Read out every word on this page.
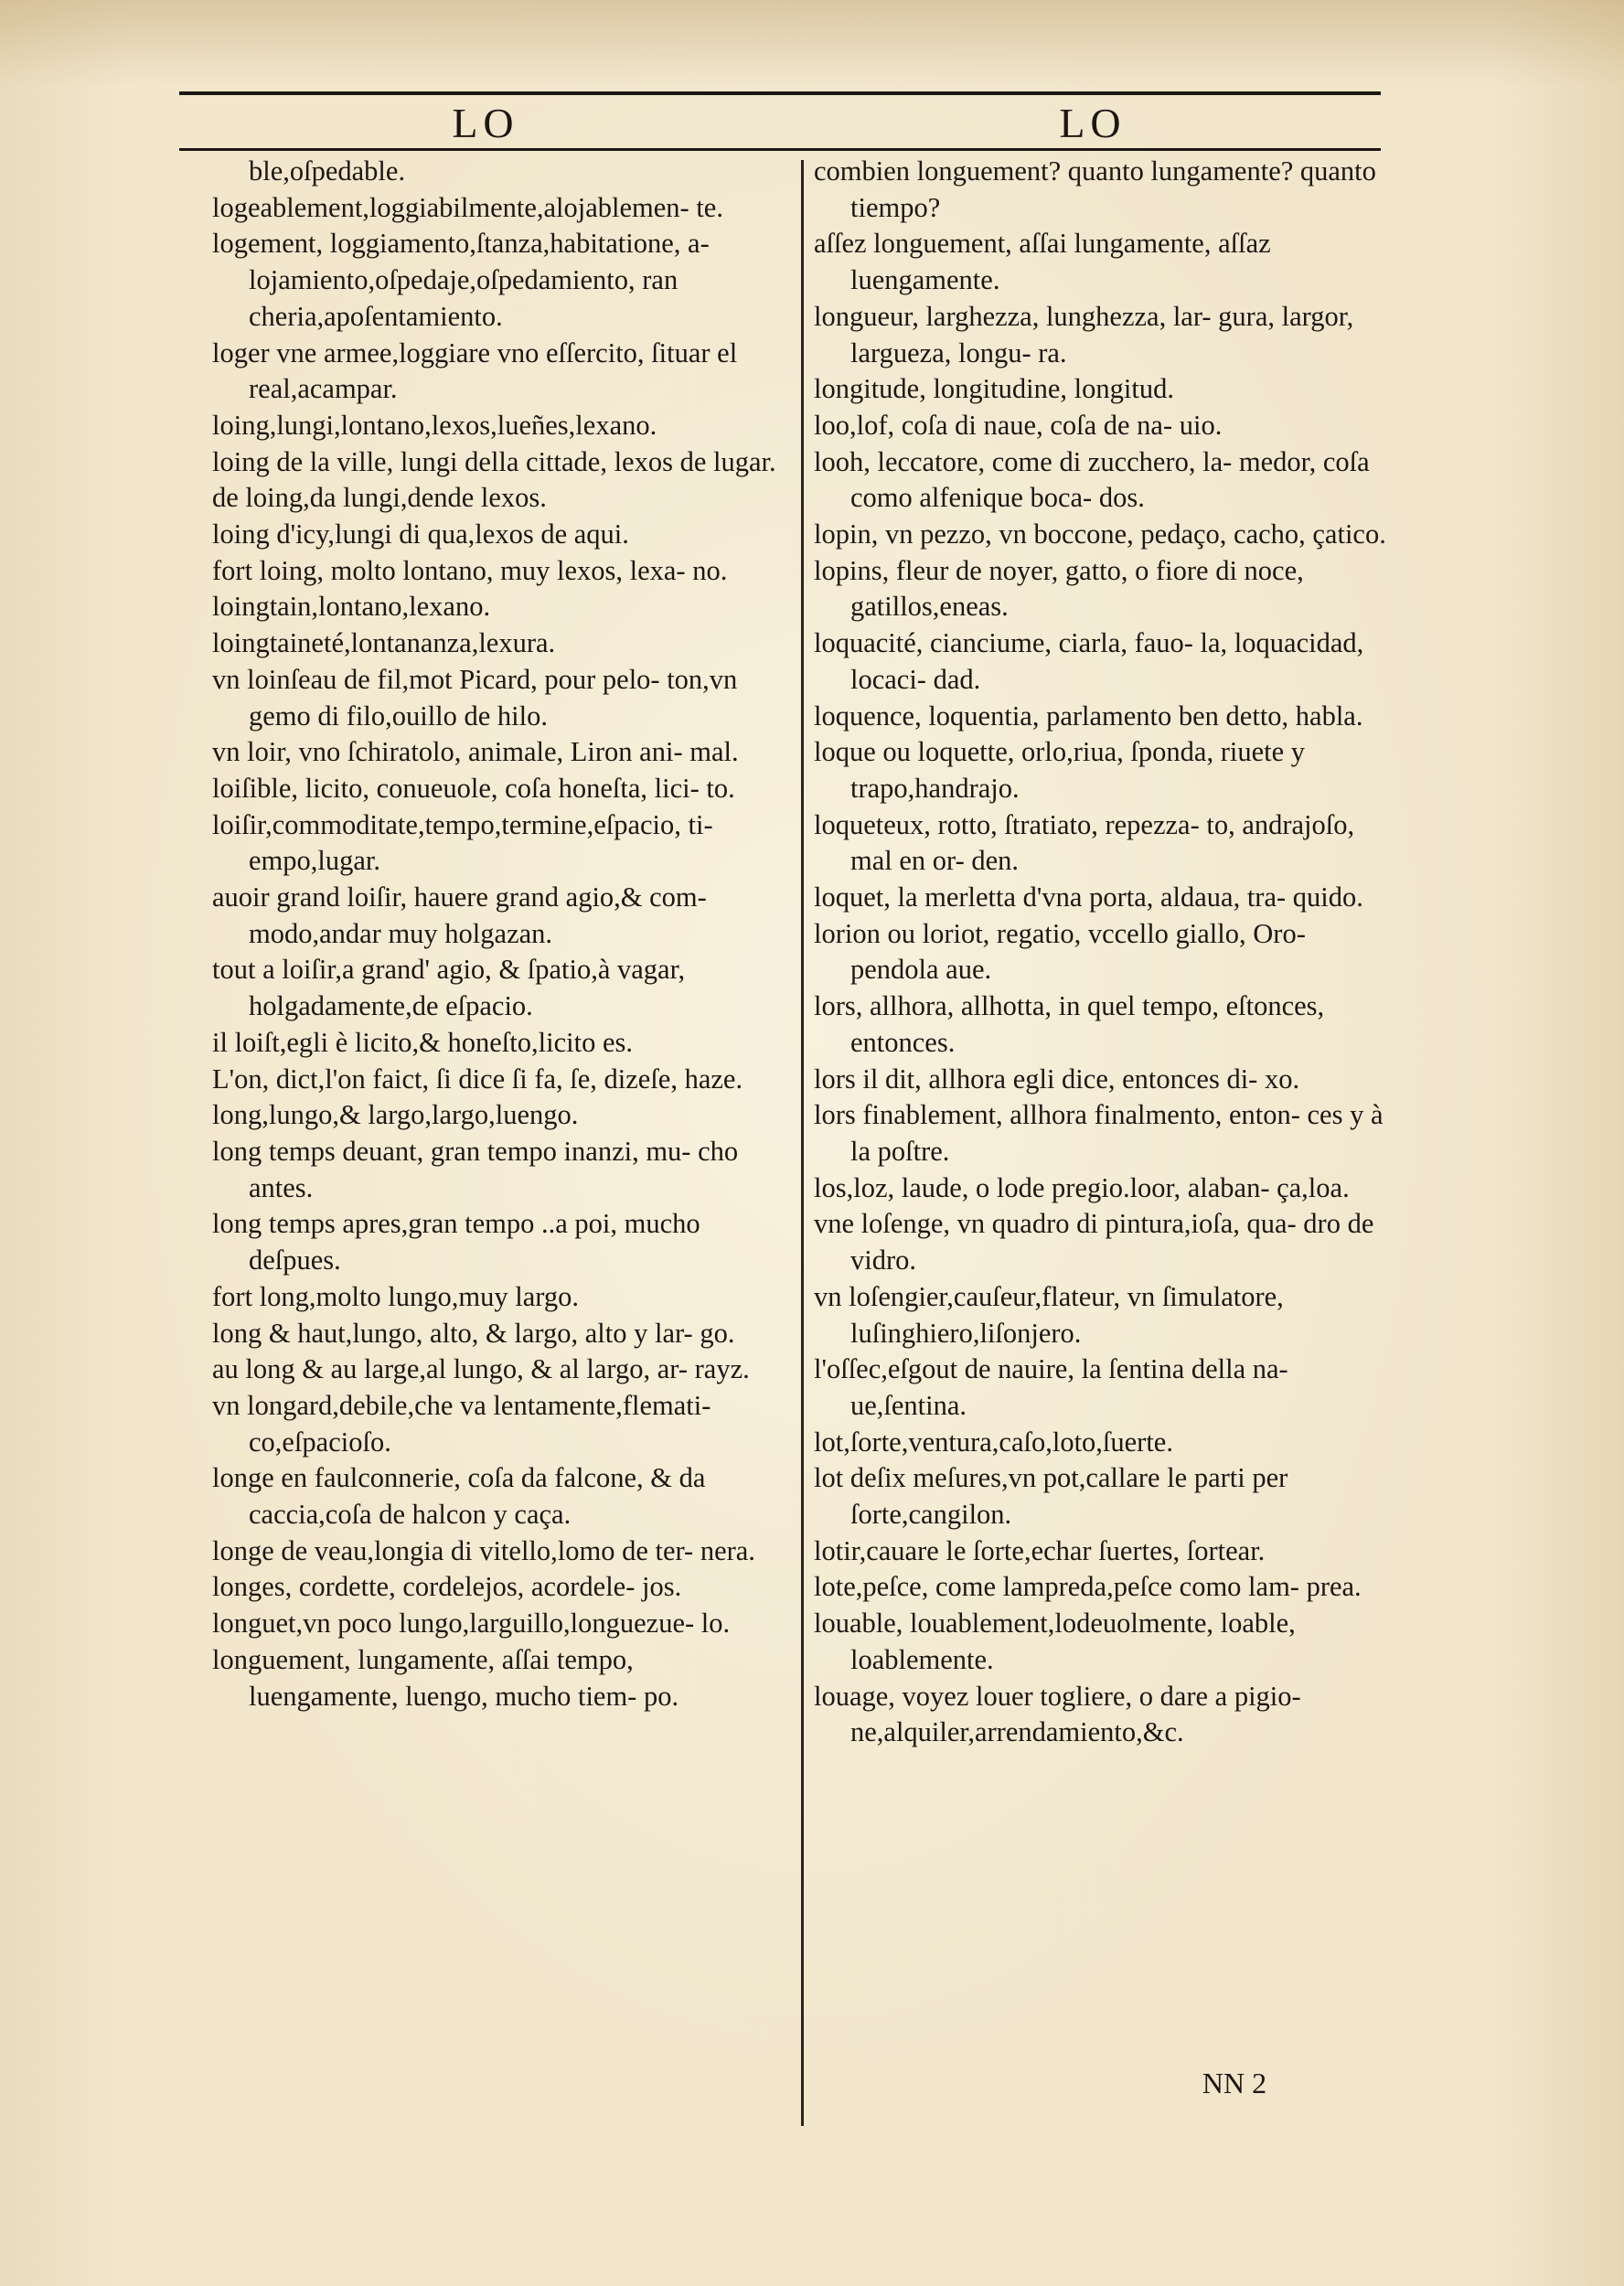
LO	LO
ble,oſpedable.
logeablement,loggiabilmente,alojablemen- te.
logement, loggiamento,ſtanza,habitatione, a- lojamiento,oſpedaje,oſpedamiento, ran cheria,apoſentamiento.
loger vne armee,loggiare vno eſſercito, ſituar el real,acampar.
loing,lungi,lontano,lexos,lueñes,lexano.
loing de la ville, lungi della cittade, lexos de lugar.
de loing,da lungi,dende lexos.
loing d'icy,lungi di qua,lexos de aqui.
fort loing, molto lontano, muy lexos, lexa- no.
loingtain,lontano,lexano.
loingtaineté,lontananza,lexura.
vn loinſeau de fil,mot Picard, pour pelo- ton,vn gemo di filo,ouillo de hilo.
vn loir, vno ſchiratolo, animale, Liron ani- mal.
loiſible, licito, conueuole, coſa honeſta, lici- to.
loiſir,commoditate,tempo,termine,eſpacio, ti- empo,lugar.
auoir grand loiſir, hauere grand agio,& com- modo,andar muy holgazan.
tout a loiſir,a grand' agio, & ſpatio,à vagar, holgadamente,de eſpacio.
il loiſt,egli è licito,& honeſto,licito es.
L'on, dict,l'on faict, ſi dice ſi fa, ſe, dizeſe, haze.
long,lungo,& largo,largo,luengo.
long temps deuant, gran tempo inanzi, mu- cho antes.
long temps apres,gran tempo ..a poi, mucho deſpues.
fort long,molto lungo,muy largo.
long & haut,lungo, alto, & largo, alto y lar- go.
au long & au large,al lungo, & al largo, ar- rayz.
vn longard,debile,che va lentamente,flemati- co,eſpacioſo.
longe en faulconnerie, coſa da falcone, & da caccia,coſa de halcon y caça.
longe de veau,longia di vitello,lomo de ter- nera.
longes, cordette, cordelejos, acordele- jos.
longuet,vn poco lungo,larguillo,longuezue- lo.
longuement, lungamente, aſſai tempo, luengamente, luengo, mucho tiem- po.
combien longuement? quanto lungamente? quanto tiempo?
aſſez longuement, aſſai lungamente, aſſaz luengamente.
longueur, larghezza, lunghezza, lar- gura, largor, largueza, longu- ra.
longitude, longitudine, longitud.
loo,lof, coſa di naue, coſa de na- uio.
looh, leccatore, come di zucchero, la- medor, coſa como alfenique boca- dos.
lopin, vn pezzo, vn boccone, pedaço, cacho, çatico.
lopins, fleur de noyer, gatto, o fiore di noce, gatillos,eneas.
loquacité, cianciume, ciarla, fauo- la, loquacidad, locaci- dad.
loquence, loquentia, parlamento ben detto, habla.
loque ou loquette, orlo,riua, ſponda, riuete y trapo,handrajo.
loqueteux, rotto, ſtratiato, repezza- to, andrajoſo, mal en or- den.
loquet, la merletta d'vna porta, aldaua, tra- quido.
lorion ou loriot, regatio, vccello giallo, Oro- pendola aue.
lors, allhora, allhotta, in quel tempo, eſtonces, entonces.
lors il dit, allhora egli dice, entonces di- xo.
lors finablement, allhora finalmento, enton- ces y à la poſtre.
los,loz, laude, o lode pregio.loor, alaban- ça,loa.
vne loſenge, vn quadro di pintura,ioſa, qua- dro de vidro.
vn loſengier,cauſeur,flateur, vn ſimulatore, luſinghiero,liſonjero.
l'oſſec,eſgout de nauire, la ſentina della na- ue,ſentina.
lot,ſorte,ventura,caſo,loto,ſuerte.
lot deſix meſures,vn pot,callare le parti per ſorte,cangilon.
lotir,cauare le ſorte,echar ſuertes, ſortear.
lote,peſce, come lampreda,peſce como lam- prea.
louable, louablement,lodeuolmente, loable, loablemente.
louage, voyez louer togliere, o dare a pigio- ne,alquiler,arrendamiento,&c.
NN 2
